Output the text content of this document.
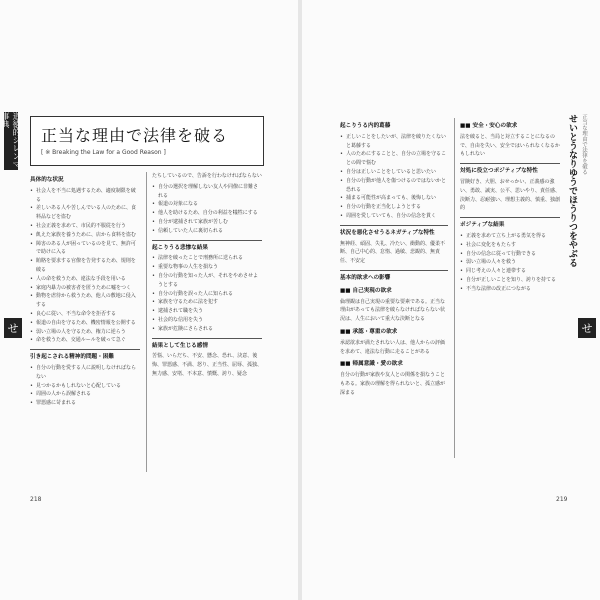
道徳的ジレンマ事典
せ
正当な理由で法律を破る
[ ※ Breaking the Law for a Good Reason ]
具体的な状況
• 社会人を不当に処遇するため、適度制限を破る
• 差しいある人や苦しんでいる人のために、食料品などを盗む
• 社会正義を求めて、市民的不服従を行う
• 飢えた家族を養うために、店から食料を盗む
• 障害のある人が困っているのを見て、無許可で助けに入る
• 賄賂を要求する官僚を告発するため、規則を破る
• 人の命を救うため、違法な手段を用いる
• 家庭内暴力の被害者を匿うために嘘をつく
• 動物を虐待から救うため、他人の敷地に侵入する
• 良心に従い、不当な命令を拒否する
• 報道の自由を守るため、機密情報を公開する
• 弱い立場の人を守るため、権力に逆らう
• 命を救うため、交通ルールを破って急ぐ
引き起こされる精神的問題・困難
• 自分の行動を愛する人に説明しなければならない
• 見つかるかもしれないと心配している
• 周囲の人から誤解される
• 罪悪感に苛まれる

たちしているので、告訴を行わなければならない

• 自分の選択を理解しない友人や同僚に非難される
• 報道の対象になる
• 他人を助けるため、自分の利益を犠牲にする
• 自分が逮捕されて家族が苦しむ
• 信頼していた人に裏切られる
起こりうる悲惨な結果
• 法律を破ったことで刑務所に送られる
• 重要な物事の人生を損なう
• 自分の行動を知った人が、それをやめさせようとする
• 自分の行動を誤った人に知られる
• 家族を守るために法を犯す
• 逮捕されて職を失う
• 社会的な信用を失う
• 家族が危険にさらされる
結果として生じる感情

苦悩、いらだち、不安、懸念、恐れ、決意、後悔、罪悪感、不満、怒り、正当性、屈辱、孤独、無力感、安堵、不本意、憤慨、誇り、疑念

218
せいとうなりゆうでほうりつをやぶる 正当な理由で法律を破る
せ
起こりうる内的葛藤
• 正しいことをしたいが、法律を破りたくないと葛藤する
• 人のためにすることと、自分の立場を守ることの間で悩む
• 自分は正しいことをしていると思いたい
• 自分の行動が他人を傷つけるのではないかと恐れる
• 捕まる可能性が高まっても、後悔しない
• 自分の行動を正当化しようとする
• 周囲を愛していても、自分の信念を貫く
状況を悪化させうるネガティブな特性

無神経、頑固、失礼、冷たい、衝動的、優柔不断、自己中心的、怠惰、過敏、悲観的、無責任、不安定

基本的欲求への影響
■■ 自己実現の欲求

倫理観は自己実現の重要な要素である。正当な理由があっても法律を破らなければならない状況は、人生において重大な決断となる

■■ 承認・尊重の欲求

承認欲求が満たされない人は、他人からの評価を求めて、違法な行動に走ることがある

■■ 帰属意識・愛の欲求

自分の行動が家族や友人との関係を損なうこともある。家族の理解を得られないと、孤立感が深まる

■■ 安全・安心の欲求

法を破ると、当局と対立することになるので、自由を失い、安全ではいられなくなるかもしれない

対処に役立つポジティブな特性

冒険好き、大胆、おせっかい、正義感の強い、勇敢、誠実、公平、思いやり、責任感、決断力、忍耐強い、理想主義的、慎重、独創的

ポジティブな結果
• 正義を求めて立ち上がる勇気を得る
• 社会に変化をもたらす
• 自分の信念に従って行動できる
• 弱い立場の人々を救う
• 同じ考えの人々と連帯する
• 自分が正しいことを知り、誇りを持てる
• 不当な法律の改正につながる
219
